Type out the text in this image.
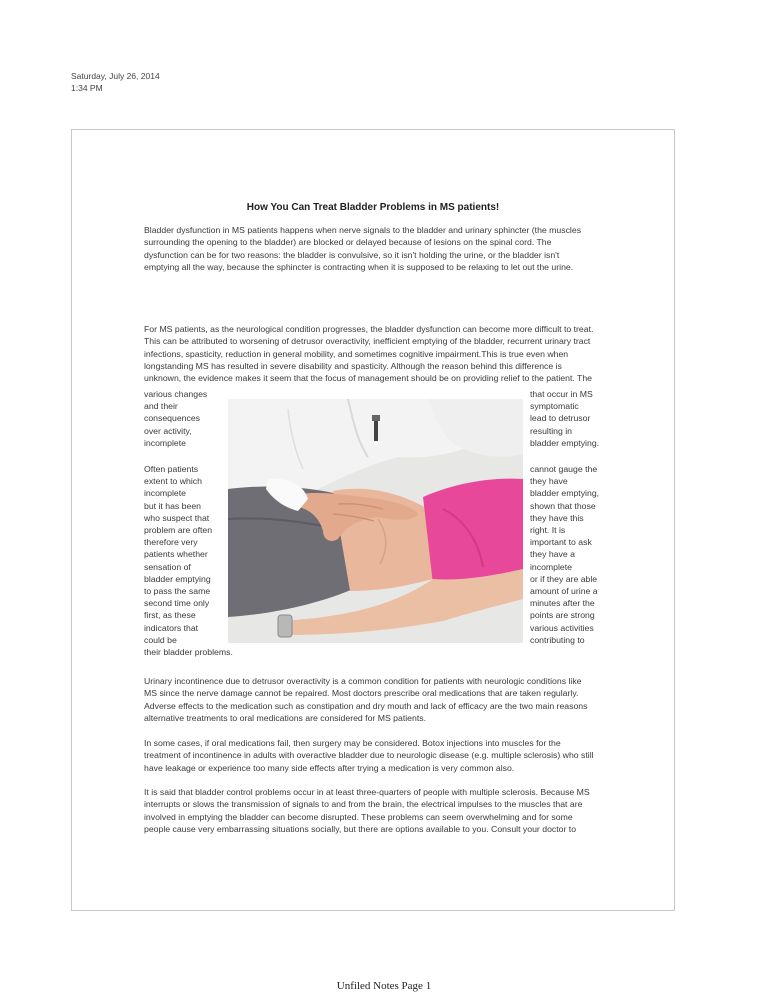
Saturday, July 26, 2014
1:34 PM
How You Can Treat Bladder Problems in MS patients!
Bladder dysfunction in MS patients happens when nerve signals to the bladder and urinary sphincter (the muscles
surrounding the opening to the bladder) are blocked or delayed because of lesions on the spinal cord. The
dysfunction can be for two reasons: the bladder is convulsive, so it isn't holding the urine, or the bladder isn't
emptying all the way, because the sphincter is contracting when it is supposed to be relaxing to let out the urine.
For MS patients, as the neurological condition progresses, the bladder dysfunction can become more difficult to treat.
This can be attributed to worsening of detrusor overactivity, inefficient emptying of the bladder, recurrent urinary tract
infections, spasticity, reduction in general mobility, and sometimes cognitive impairment.This is true even when
longstanding MS has resulted in severe disability and spasticity. Although the reason behind this difference is
unknown, the evidence makes it seem that the focus of management should be on providing relief to the patient. The
various changes
and their
consequences
over activity,
incomplete
that occur in MS
symptomatic
lead to detrusor
resulting in
bladder emptying.
Often patients
extent to which
incomplete
but it has been
who suspect that
problem are often
therefore very
patients whether
sensation of
bladder emptying
to pass the same
second time only
first, as these
indicators that
could be
their bladder problems.
cannot gauge the
they have
bladder emptying,
shown that those
they have this
right. It is
important to ask
they have a
incomplete
or if they are able
amount of urine a
minutes after the
points are strong
various activities
contributing to
Urinary incontinence due to detrusor overactivity is a common condition for patients with neurologic conditions like
MS since the nerve damage cannot be repaired. Most doctors prescribe oral medications that are taken regularly.
Adverse effects to the medication such as constipation and dry mouth and lack of efficacy are the two main reasons
alternative treatments to oral medications are considered for MS patients.
In some cases, if oral medications fail, then surgery may be considered. Botox injections into muscles for the
treatment of incontinence in adults with overactive bladder due to neurologic disease (e.g. multiple sclerosis) who still
have leakage or experience too many side effects after trying a medication is very common also.
It is said that bladder control problems occur in at least three-quarters of people with multiple sclerosis. Because MS
interrupts or slows the transmission of signals to and from the brain, the electrical impulses to the muscles that are
involved in emptying the bladder can become disrupted. These problems can seem overwhelming and for some
people cause very embarrassing situations socially, but there are options available to you. Consult your doctor to
Unfiled Notes Page 1
